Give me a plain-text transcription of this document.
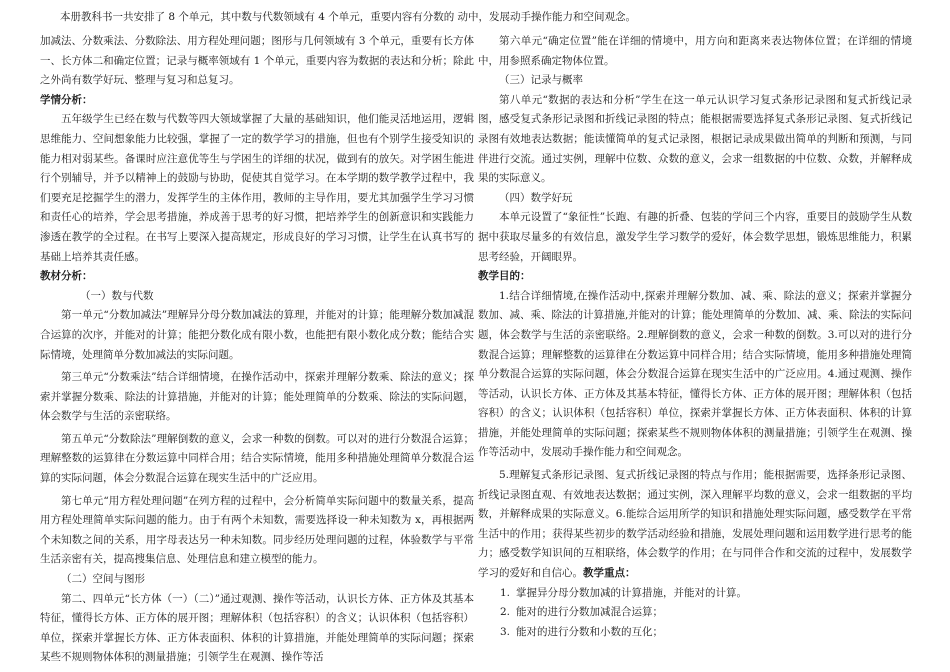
本册教科书一共安排了 8 个单元，其中数与代数领域有 4 个单元，重要内容有分数的 动中，发展动手操作能力和空间观念。

加减法、分数乘法、分数除法、用方程处理问题；图形与几何领域有 3 个单元，重要有长方体一、长方体二和确定位置；记录与概率领域有 1 个单元，重要内容为数据的表达和分析；除此之外尚有数学好玩、整理与复习和总复习。

学情分析：

五年级学生已经在数与代数等四大领域掌握了大量的基础知识，他们能灵活地运用，逻辑思维能力、空间想象能力比较强，掌握了一定的数学学习的措施，但也有个别学生接受知识的能力相对弱某些。备课时应注意优等生与学困生的详细的状况，做到有的放矢。对学困生能进行个别辅导，并予以精神上的鼓励与协助，促使其自觉学习。在本学期的数学教学过程中，我们要充足挖掘学生的潜力，发挥学生的主体作用，教师的主导作用，要尤其加强学生学习习惯和责任心的培养，学会思考措施，养成善于思考的好习惯，把培养学生的创新意识和实践能力渗透在教学的全过程。在书写上要深入提高规定，形成良好的学习习惯，让学生在认真书写的基础上培养其责任感。

教材分析：

（一）数与代数

第一单元“分数加减法”理解异分母分数加减法的算理，并能对的计算；能理解分数加减混合运算的次序，并能对的计算；能把分数化成有限小数，也能把有限小数化成分数；能结合实际情境，处理简单分数加减法的实际问题。

第三单元“分数乘法”结合详细情境，在操作活动中，探索并理解分数乘、除法的意义；探索并掌握分数乘、除法的计算措施，并能对的计算；能处理简单的分数乘、除法的实际问题，体会数学与生活的亲密联络。

第五单元“分数除法”理解倒数的意义，会求一种数的倒数。可以对的进行分数混合运算；理解整数的运算律在分数运算中同样合用；结合实际情境，能用多种措施处理简单分数混合运算的实际问题，体会分数混合运算在现实生活中的广泛应用。

第七单元“用方程处理问题”在列方程的过程中，会分析简单实际问题中的数量关系，提高用方程处理简单实际问题的能力。由于有两个未知数，需要选择设一种未知数为 x，再根据两个未知数之间的关系，用字母表达另一种未知数。同步经历处理问题的过程，体验数学与平常生活亲密有关，提高搜集信息、处理信息和建立模型的能力。

（二）空间与图形

第二、四单元“长方体（一）（二）”通过观测、操作等活动，认识长方体、正方体及其基本特征，懂得长方体、正方体的展开图；理解体积（包括容积）的含义；认识体积（包括容积）单位，探索并掌握长方体、正方体表面积、体积的计算措施，并能处理简单的实际问题；探索某些不规则物体体积的测量措施；引领学生在观测、操作等活

第六单元“确定位置”能在详细的情境中，用方向和距离来表达物体位置；在详细的情境中，用参照系确定物体位置。

（三）记录与概率

第八单元“数据的表达和分析”学生在这一单元认识学习复式条形记录图和复式折线记录图，感受复式条形记录图和折线记录图的特点；能根据需要选择复式条形记录图、复式折线记录图有效地表达数据；能读懂简单的复式记录图，根据记录成果做出简单的判断和预测，与同伴进行交流。通过实例，理解中位数、众数的意义，会求一组数据的中位数、众数，并解释成果的实际意义。

（四）数学好玩

本单元设置了“象征性”长跑、有趣的折叠、包装的学问三个内容，重要目的鼓励学生从数据中获取尽量多的有效信息，激发学生学习数学的爱好，体会数学思想，锻炼思维能力，积累思考经验，开阔眼界。

教学目的：

1.结合详细情境,在操作活动中,探索并理解分数加、减、乘、除法的意义；探索并掌握分数加、减、乘、除法的计算措施,并能对的计算；能处理简单的分数加、减、乘、除法的实际问题，体会数学与生活的亲密联络。2.理解倒数的意义，会求一种数的倒数。3.可以对的进行分数混合运算；理解整数的运算律在分数运算中同样合用；结合实际情境，能用多种措施处理简单分数混合运算的实际问题，体会分数混合运算在现实生活中的广泛应用。4.通过观测、操作等活动，认识长方体、正方体及其基本特征，懂得长方体、正方体的展开图；理解体积（包括容积）的含义；认识体积（包括容积）单位，探索并掌握长方体、正方体表面积、体积的计算措施，并能处理简单的实际问题；探索某些不规则物体体积的测量措施；引领学生在观测、操作等活动中，发展动手操作能力和空间观念。

5.理解复式条形记录图、复式折线记录图的特点与作用；能根据需要，选择条形记录图、折线记录图直观、有效地表达数据；通过实例，深入理解平均数的意义，会求一组数据的平均数，并解释成果的实际意义。6.能综合运用所学的知识和措施处理实际问题，感受数学在平常生活中的作用；获得某些初步的数学活动经验和措施，发展处理问题和运用数学进行思考的能力；感受数学知识间的互相联络，体会数学的作用；在与同伴合作和交流的过程中，发展数学学习的爱好和自信心。教学重点：

1. 掌握异分母分数加减的计算措施，并能对的计算。
2. 能对的进行分数加减混合运算；
3. 能对的进行分数和小数的互化；
